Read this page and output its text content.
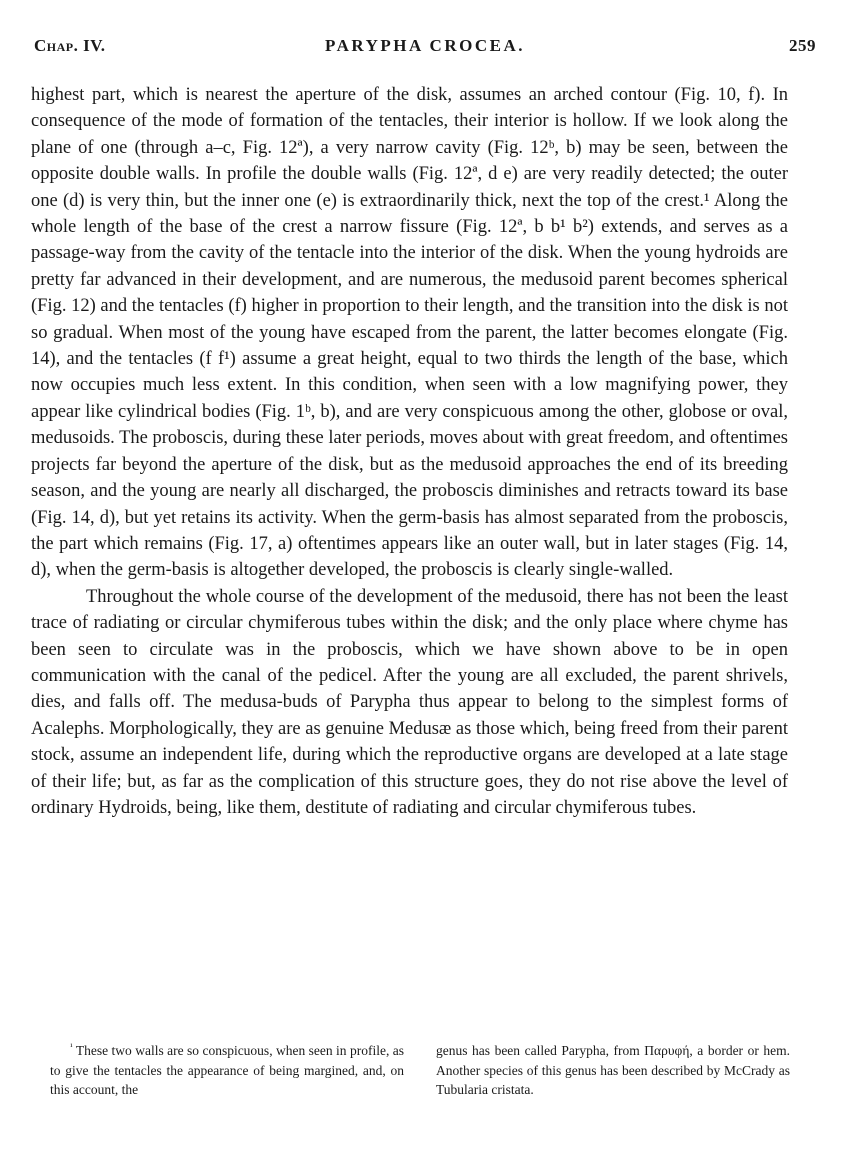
Chap. IV.	PARYPHA CROCEA.	259

highest part, which is nearest the aperture of the disk, assumes an arched contour (Fig. 10, f). In consequence of the mode of formation of the tentacles, their interior is hollow. If we look along the plane of one (through a–c, Fig. 12ª), a very narrow cavity (Fig. 12ᵇ, b) may be seen, between the opposite double walls. In profile the double walls (Fig. 12ª, d e) are very readily detected; the outer one (d) is very thin, but the inner one (e) is extraordinarily thick, next the top of the crest.¹ Along the whole length of the base of the crest a narrow fissure (Fig. 12ª, b b¹ b²) extends, and serves as a passage-way from the cavity of the tentacle into the interior of the disk. When the young hydroids are pretty far advanced in their development, and are numerous, the medusoid parent becomes spherical (Fig. 12) and the tentacles (f) higher in proportion to their length, and the transition into the disk is not so gradual. When most of the young have escaped from the parent, the latter becomes elongate (Fig. 14), and the tentacles (f f¹) assume a great height, equal to two thirds the length of the base, which now occupies much less extent. In this condition, when seen with a low magnifying power, they appear like cylindrical bodies (Fig. 1ᵇ, b), and are very conspicuous among the other, globose or oval, medusoids. The proboscis, during these later periods, moves about with great freedom, and oftentimes projects far beyond the aperture of the disk, but as the medusoid approaches the end of its breeding season, and the young are nearly all discharged, the proboscis diminishes and retracts toward its base (Fig. 14, d), but yet retains its activity. When the germ-basis has almost separated from the proboscis, the part which remains (Fig. 17, a) oftentimes appears like an outer wall, but in later stages (Fig. 14, d), when the germ-basis is altogether developed, the proboscis is clearly single-walled.

Throughout the whole course of the development of the medusoid, there has not been the least trace of radiating or circular chymiferous tubes within the disk; and the only place where chyme has been seen to circulate was in the proboscis, which we have shown above to be in open communication with the canal of the pedicel. After the young are all excluded, the parent shrivels, dies, and falls off. The medusa-buds of Parypha thus appear to belong to the simplest forms of Acalephs. Morphologically, they are as genuine Medusæ as those which, being freed from their parent stock, assume an independent life, during which the reproductive organs are developed at a late stage of their life; but, as far as the complication of this structure goes, they do not rise above the level of ordinary Hydroids, being, like them, destitute of radiating and circular chymiferous tubes.

$^{^1}$ These two walls are so conspicuous, when seen in profile, as to give the tentacles the appearance of being margined, and, on this account, the
genus has been called Parypha, from Παρυφή, a border or hem. Another species of this genus has been described by McCrady as Tubularia cristata.
